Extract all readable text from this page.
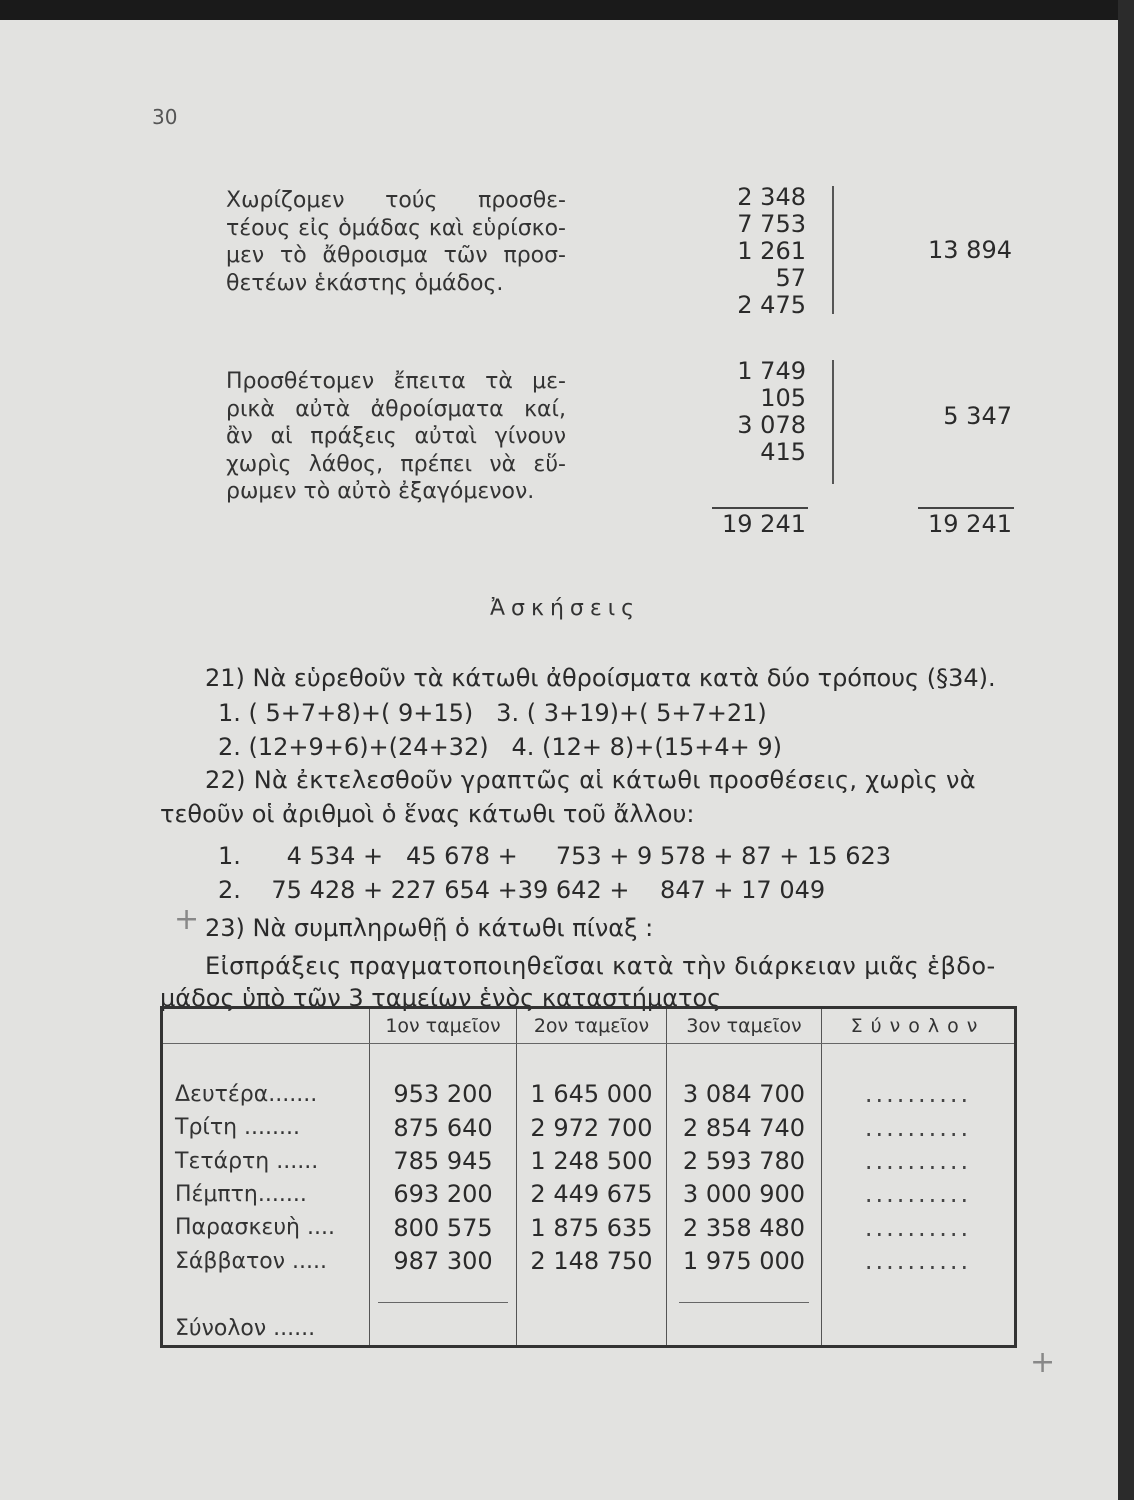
30
Χωρίζομεν τούς προσθε-
τέους εἰς ὁμάδας καὶ εὑρίσκο-
μεν τὸ ἄθροισμα τῶν προσ-
θετέων ἑκάστης ὁμάδος.
2 348
7 753
1 261
57
2 475
13 894
Προσθέτομεν ἔπειτα τὰ με-
ρικὰ αὐτὰ ἀθροίσματα καί,
ἂν αἱ πράξεις αὐταὶ γίνουν
χωρὶς λάθος, πρέπει νὰ εὕ-
ρωμεν τὸ αὐτὸ ἐξαγόμενον.
1 749
105
3 078
415
5 347
19 241	19 241
Ἀσκήσεις
21) Νὰ εὑρεθοῦν τὰ κάτωθι ἀθροίσματα κατὰ δύο τρόπους (§34).
1. ( 5+7+8)+( 9+15)   3. ( 3+19)+( 5+7+21)
2. (12+9+6)+(24+32)   4. (12+ 8)+(15+4+ 9)
22) Νὰ ἐκτελεσθοῦν γραπτῶς αἱ κάτωθι προσθέσεις, χωρὶς νὰ
τεθοῦν οἱ ἀριθμοὶ ὁ ἕνας κάτωθι τοῦ ἄλλου:
1.      4 534 +   45 678 +     753 + 9 578 + 87 + 15 623
2.    75 428 + 227 654 +39 642 +    847 + 17 049
+ 23) Νὰ συμπληρωθῇ ὁ κάτωθι πίναξ :
Εἰσπράξεις πραγματοποιηθεῖσαι κατὰ τὴν διάρκειαν μιᾶς ἑβδο-
μάδος ὑπὸ τῶν 3 ταμείων ἑνὸς καταστήματος
	1ον ταμεῖον	2ον ταμεῖον	3ον ταμεῖον	Σύνολον

Δευτέρα.......	953 200	1 645 000	3 084 700	..........
Τρίτη ........	875 640	2 972 700	2 854 740	..........
Τετάρτη ......	785 945	1 248 500	2 593 780	..........
Πέμπτη.......	693 200	2 449 675	3 000 900	..........
Παρασκευὴ ....	800 575	1 875 635	2 358 480	..........
Σάββατον .....	987 300	2 148 750	1 975 000	..........

Σύνολον ......				
+
